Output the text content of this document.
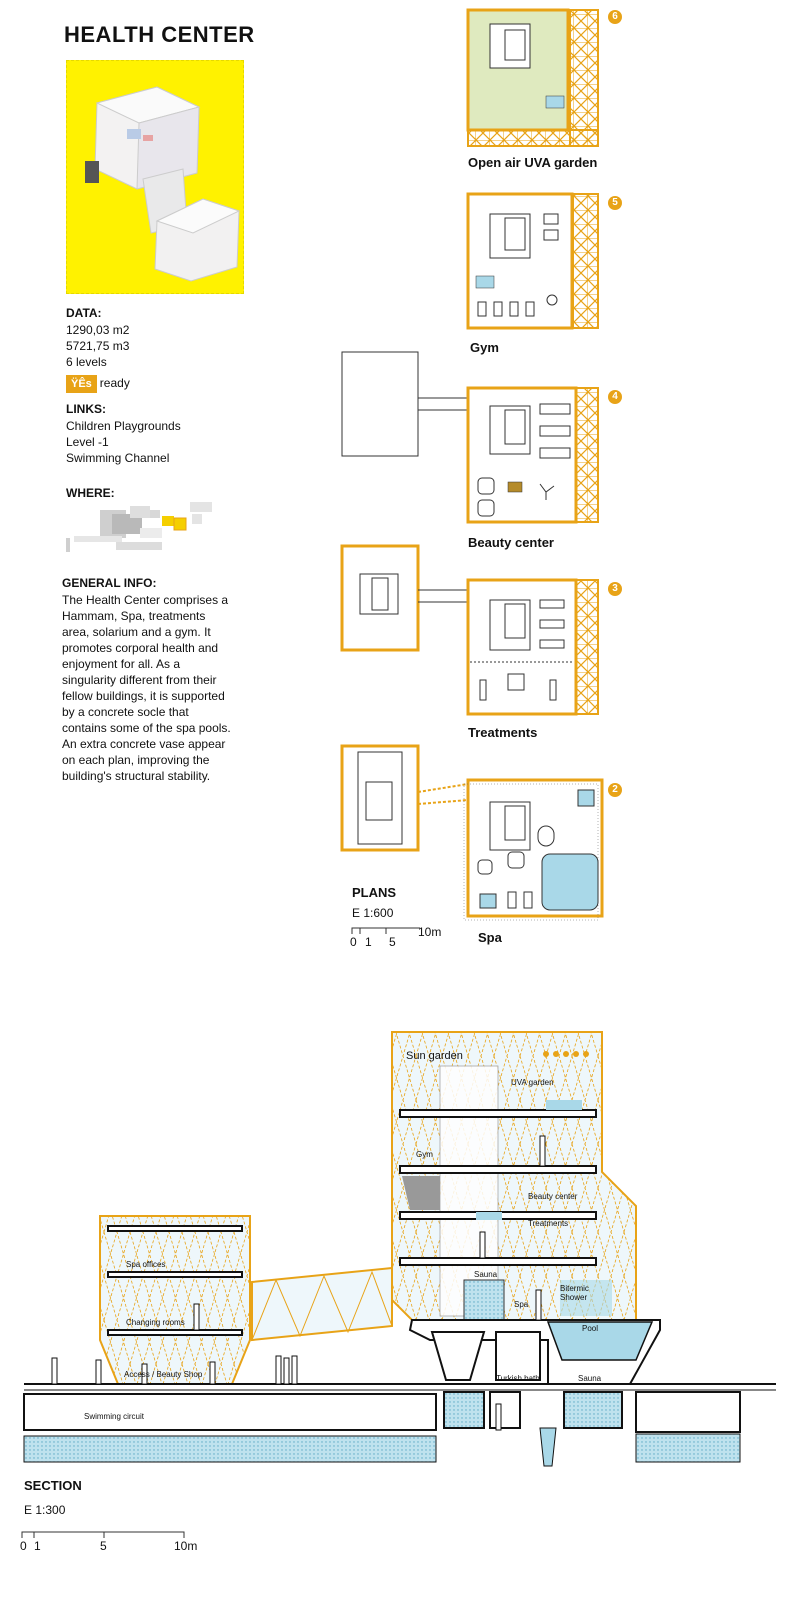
HEALTH CENTER
DATA:
1290,03 m2
5721,75 m3
6 levels
ŸÊs ready
LINKS:
Children Playgrounds
Level -1
Swimming Channel
WHERE:
GENERAL INFO:
The Health Center comprises a
Hammam, Spa, treatments
area, solarium and a gym. It
promotes corporal health and
enjoyment for all. As a
singularity different from their
fellow buildings, it is supported
by a concrete socle that
contains some of the spa pools.
An extra concrete vase appear
on each plan, improving the
building's structural stability.
6
Open air UVA garden
5
Gym
4
Beauty center
3
Treatments
2
Spa
PLANS
E 1:600
0 1 5
10m
Sun garden
UVA garden
Gym
Beauty center
Treatments
Sauna
Bitermic Shower
Spa
Pool
Spa offices
Changing rooms
Access / Beauty Shop	Turkish bath	Sauna
Swimming circuit
SECTION
E 1:300
0 1	5	10m
